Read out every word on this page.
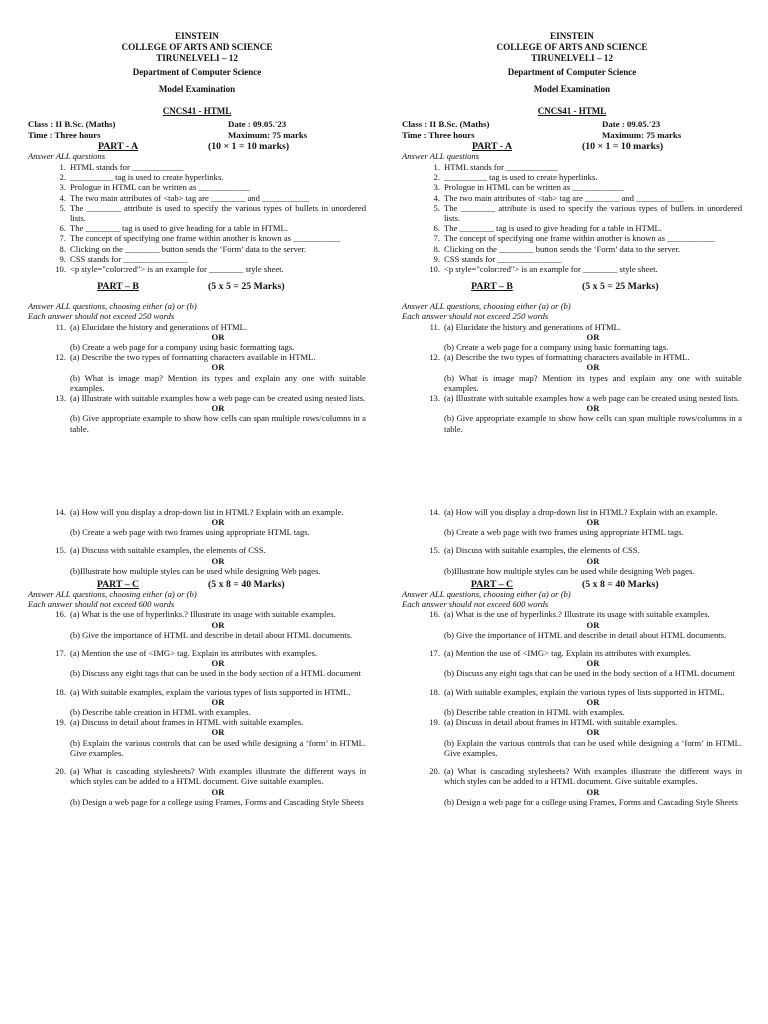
EINSTEIN
COLLEGE OF ARTS AND SCIENCE
TIRUNELVELI – 12
Department of Computer Science
Model Examination
CNCS41 - HTML
Class : II B.Sc. (Maths)	Date : 09.05.'23
Time : Three hours	Maximum: 75 marks
PART - A	(10 × 1 = 10 marks)
Answer ALL questions
1. HTML stands for ____________
2. __________ tag is used to create hyperlinks.
3. Prologue in HTML can be written as ____________
4. The two main attributes of <tab> tag are ________ and ___________
5. The ________ attribute is used to specify the various types of bullets in unordered lists.
6. The ________ tag is used to give heading for a table in HTML.
7. The concept of specifying one frame within another is known as ___________
8. Clicking on the ________ button sends the ‘Form’ data to the server.
9. CSS stands for _______________
10. <p style="color:red"> is an example for ________ style sheet.
PART – B	(5 x 5 = 25 Marks)
Answer ALL questions, choosing either (a) or (b)
Each answer should not exceed 250 words
11. (a) Elucidate the history and generations of HTML.
OR
(b) Create a web page for a company using basic formatting tags.
12. (a) Describe the two types of formatting characters available in HTML.
OR
(b) What is image map? Mention its types and explain any one with suitable examples.
13. (a) Illustrate with suitable examples how a web page can be created using nested lists.
OR
(b) Give appropriate example to show how cells can span multiple rows/columns in a table.
14. (a) How will you display a drop-down list in HTML? Explain with an example.
OR
(b) Create a web page with two frames using appropriate HTML tags.
15. (a) Discuss with suitable examples, the elements of CSS.
OR
(b)Illustrate how multiple styles can be used while designing Web pages.
PART – C	(5 x 8 = 40 Marks)
Answer ALL questions, choosing either (a) or (b)
Each answer should not exceed 600 words
16. (a) What is the use of hyperlinks.? Illustrate its usage with suitable examples.
OR
(b) Give the importance of HTML and describe in detail about HTML documents.
17. (a) Mention the use of <IMG> tag. Explain its attributes with examples.
OR
(b) Discuss any eight tags that can be used in the body section of a HTML document
18. (a) With suitable examples, explain the various types of lists supported in HTML.
OR
(b) Describe table creation in HTML with examples.
19. (a) Discuss in detail about frames in HTML with suitable examples.
OR
(b) Explain the various controls that can be used while designing a ‘form’ in HTML. Give examples.
20. (a) What is cascading stylesheets? With examples illustrate the different ways in which styles can be added to a HTML document. Give suitable examples.
OR
(b) Design a web page for a college using Frames, Forms and Cascading Style Sheets
EINSTEIN
COLLEGE OF ARTS AND SCIENCE
TIRUNELVELI – 12
Department of Computer Science
Model Examination
CNCS41 - HTML
Class : II B.Sc. (Maths)	Date : 09.05.'23
Time : Three hours	Maximum: 75 marks
PART - A	(10 × 1 = 10 marks)
Answer ALL questions
1. HTML stands for ____________
2. __________ tag is used to create hyperlinks.
3. Prologue in HTML can be written as ____________
4. The two main attributes of <tab> tag are ________ and ___________
5. The ________ attribute is used to specify the various types of bullets in unordered lists.
6. The ________ tag is used to give heading for a table in HTML.
7. The concept of specifying one frame within another is known as ___________
8. Clicking on the ________ button sends the ‘Form’ data to the server.
9. CSS stands for _______________
10. <p style="color:red"> is an example for ________ style sheet.
PART – B	(5 x 5 = 25 Marks)
Answer ALL questions, choosing either (a) or (b)
Each answer should not exceed 250 words
11. (a) Elucidate the history and generations of HTML.
OR
(b) Create a web page for a company using basic formatting tags.
12. (a) Describe the two types of formatting characters available in HTML.
OR
(b) What is image map? Mention its types and explain any one with suitable examples.
13. (a) Illustrate with suitable examples how a web page can be created using nested lists.
OR
(b) Give appropriate example to show how cells can span multiple rows/columns in a table.
14. (a) How will you display a drop-down list in HTML? Explain with an example.
OR
(b) Create a web page with two frames using appropriate HTML tags.
15. (a) Discuss with suitable examples, the elements of CSS.
OR
(b)Illustrate how multiple styles can be used while designing Web pages.
PART – C	(5 x 8 = 40 Marks)
Answer ALL questions, choosing either (a) or (b)
Each answer should not exceed 600 words
16. (a) What is the use of hyperlinks.? Illustrate its usage with suitable examples.
OR
(b) Give the importance of HTML and describe in detail about HTML documents.
17. (a) Mention the use of <IMG> tag. Explain its attributes with examples.
OR
(b) Discuss any eight tags that can be used in the body section of a HTML document
18. (a) With suitable examples, explain the various types of lists supported in HTML.
OR
(b) Describe table creation in HTML with examples.
19. (a) Discuss in detail about frames in HTML with suitable examples.
OR
(b) Explain the various controls that can be used while designing a ‘form’ in HTML. Give examples.
20. (a) What is cascading stylesheets? With examples illustrate the different ways in which styles can be added to a HTML document. Give suitable examples.
OR
(b) Design a web page for a college using Frames, Forms and Cascading Style Sheets
